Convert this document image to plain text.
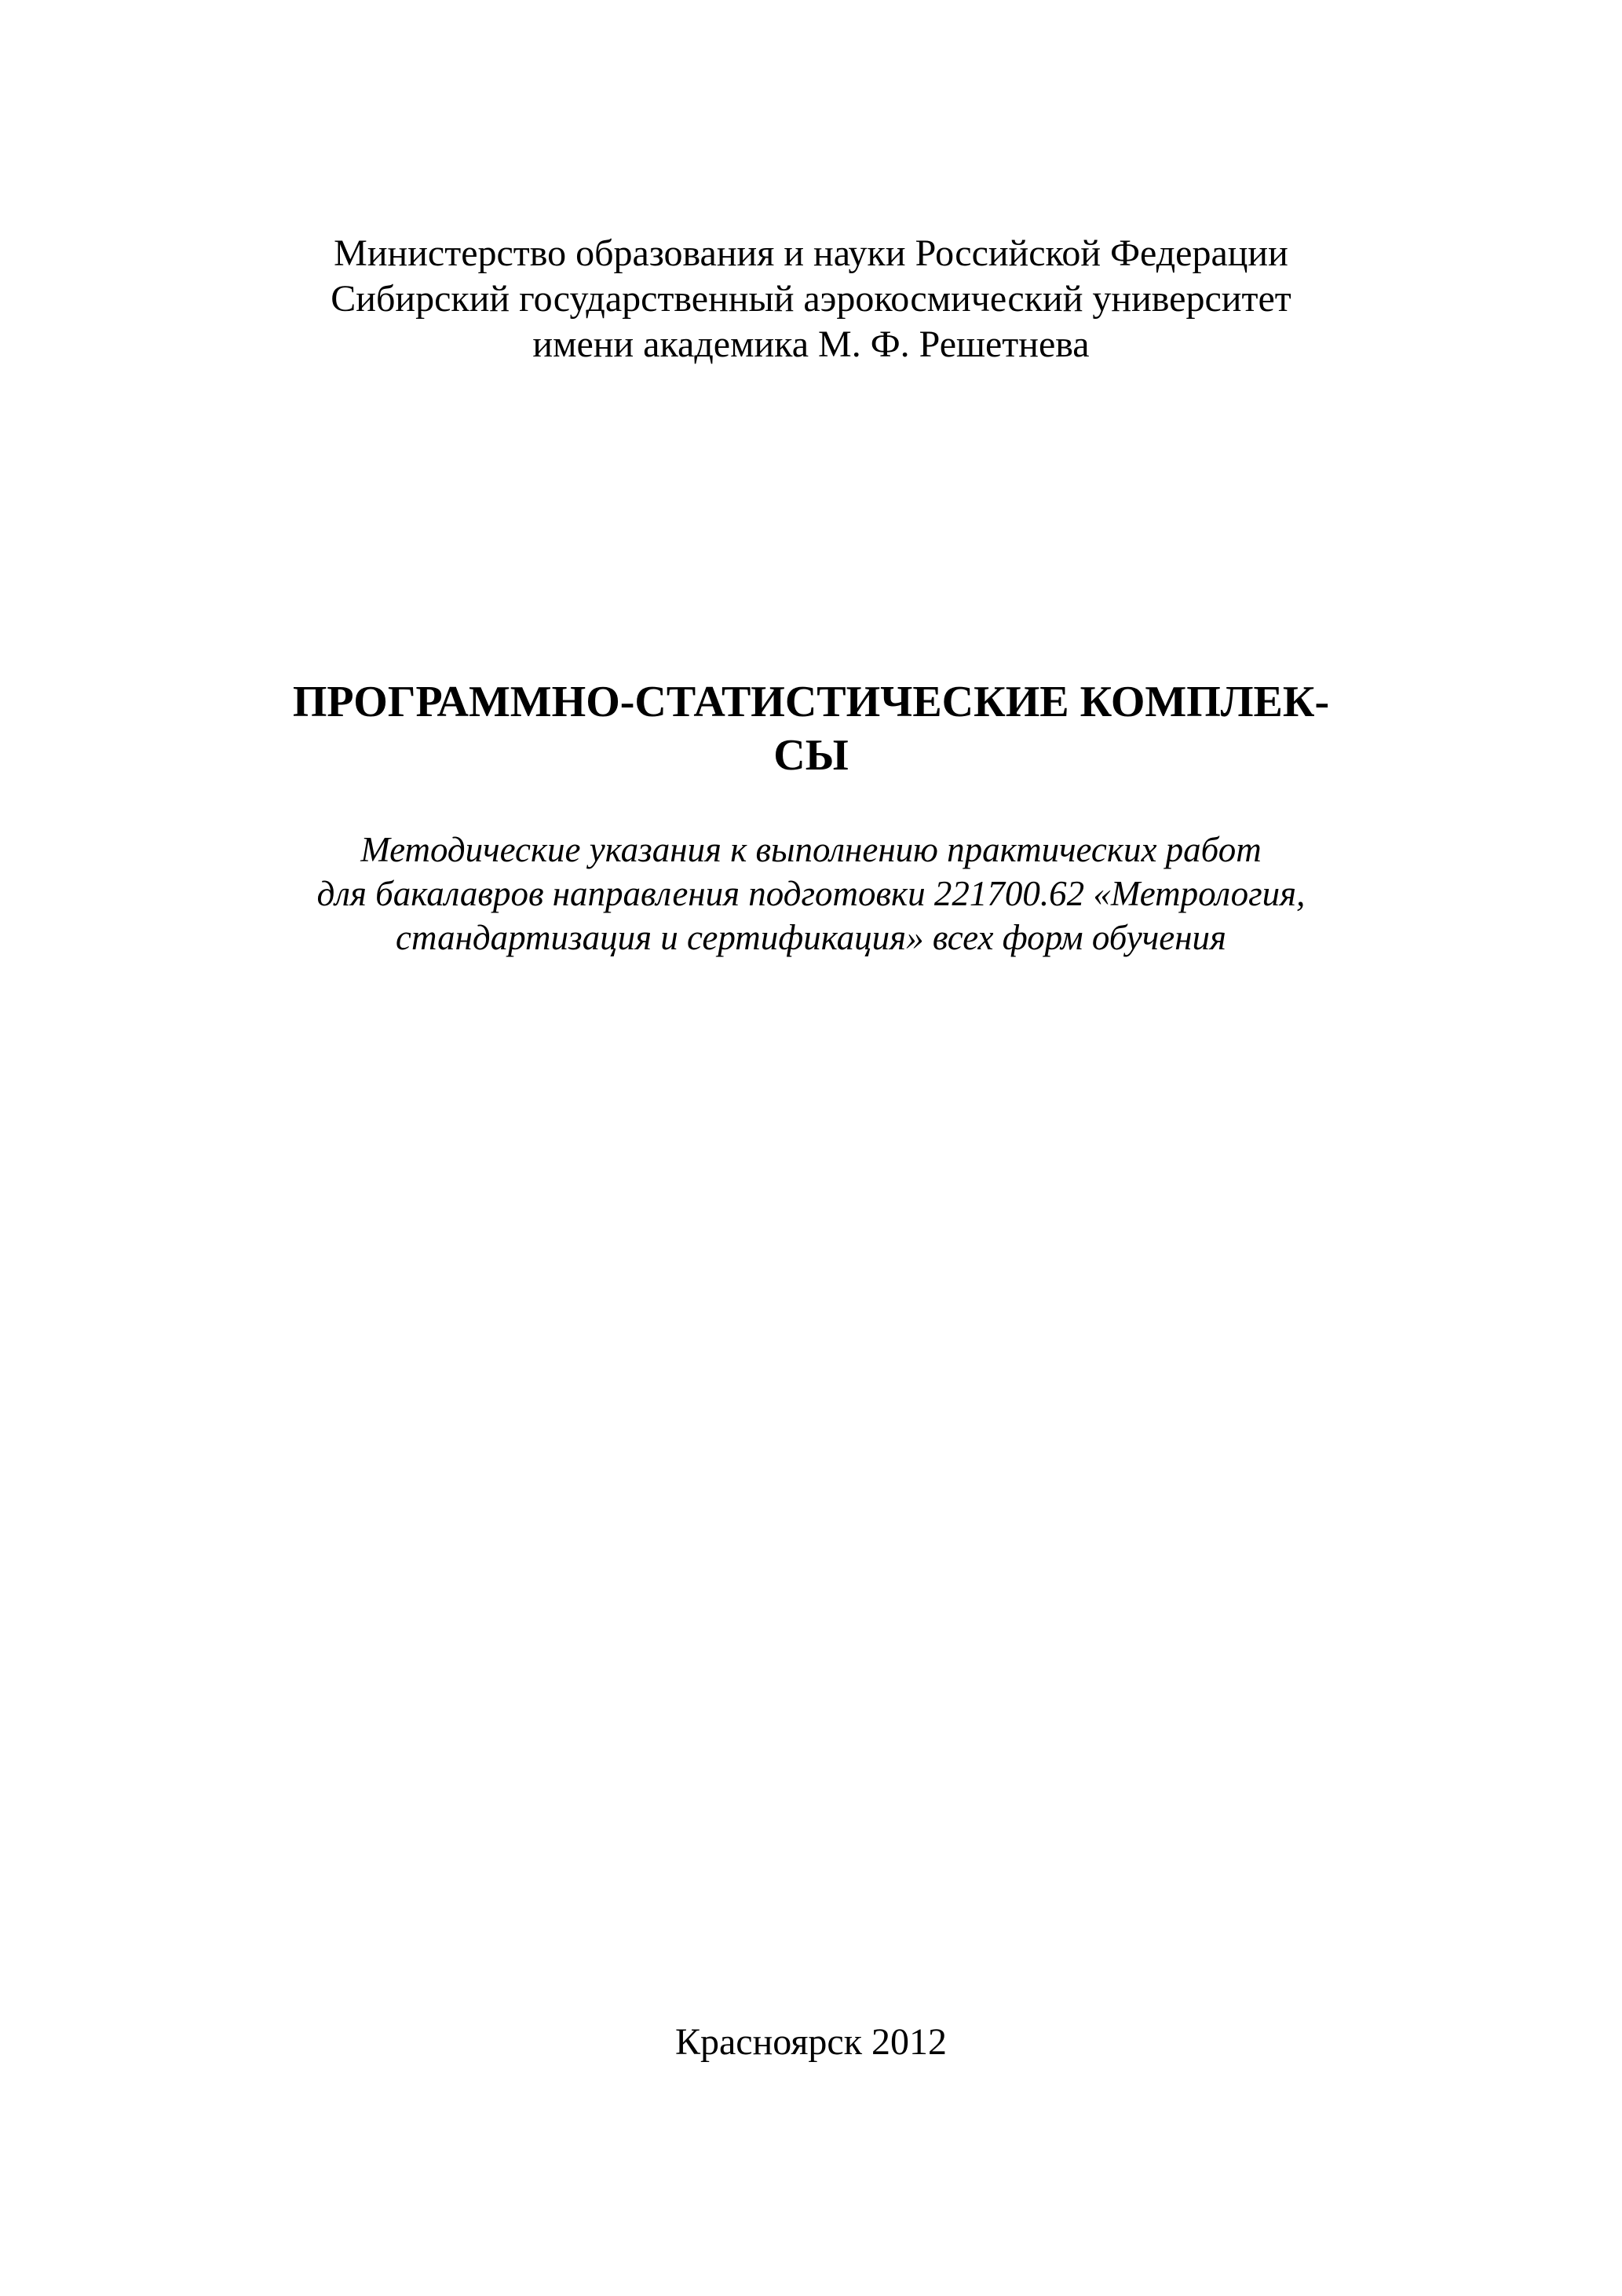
Министерство образования и науки Российской Федерации
Сибирский государственный аэрокосмический университет
имени академика М. Ф. Решетнева
ПРОГРАММНО-СТАТИСТИЧЕСКИЕ КОМПЛЕК-
СЫ
Методические указания к выполнению практических работ
для бакалавров направления подготовки 221700.62 «Метрология,
стандартизация и сертификация» всех форм обучения
Красноярск 2012
